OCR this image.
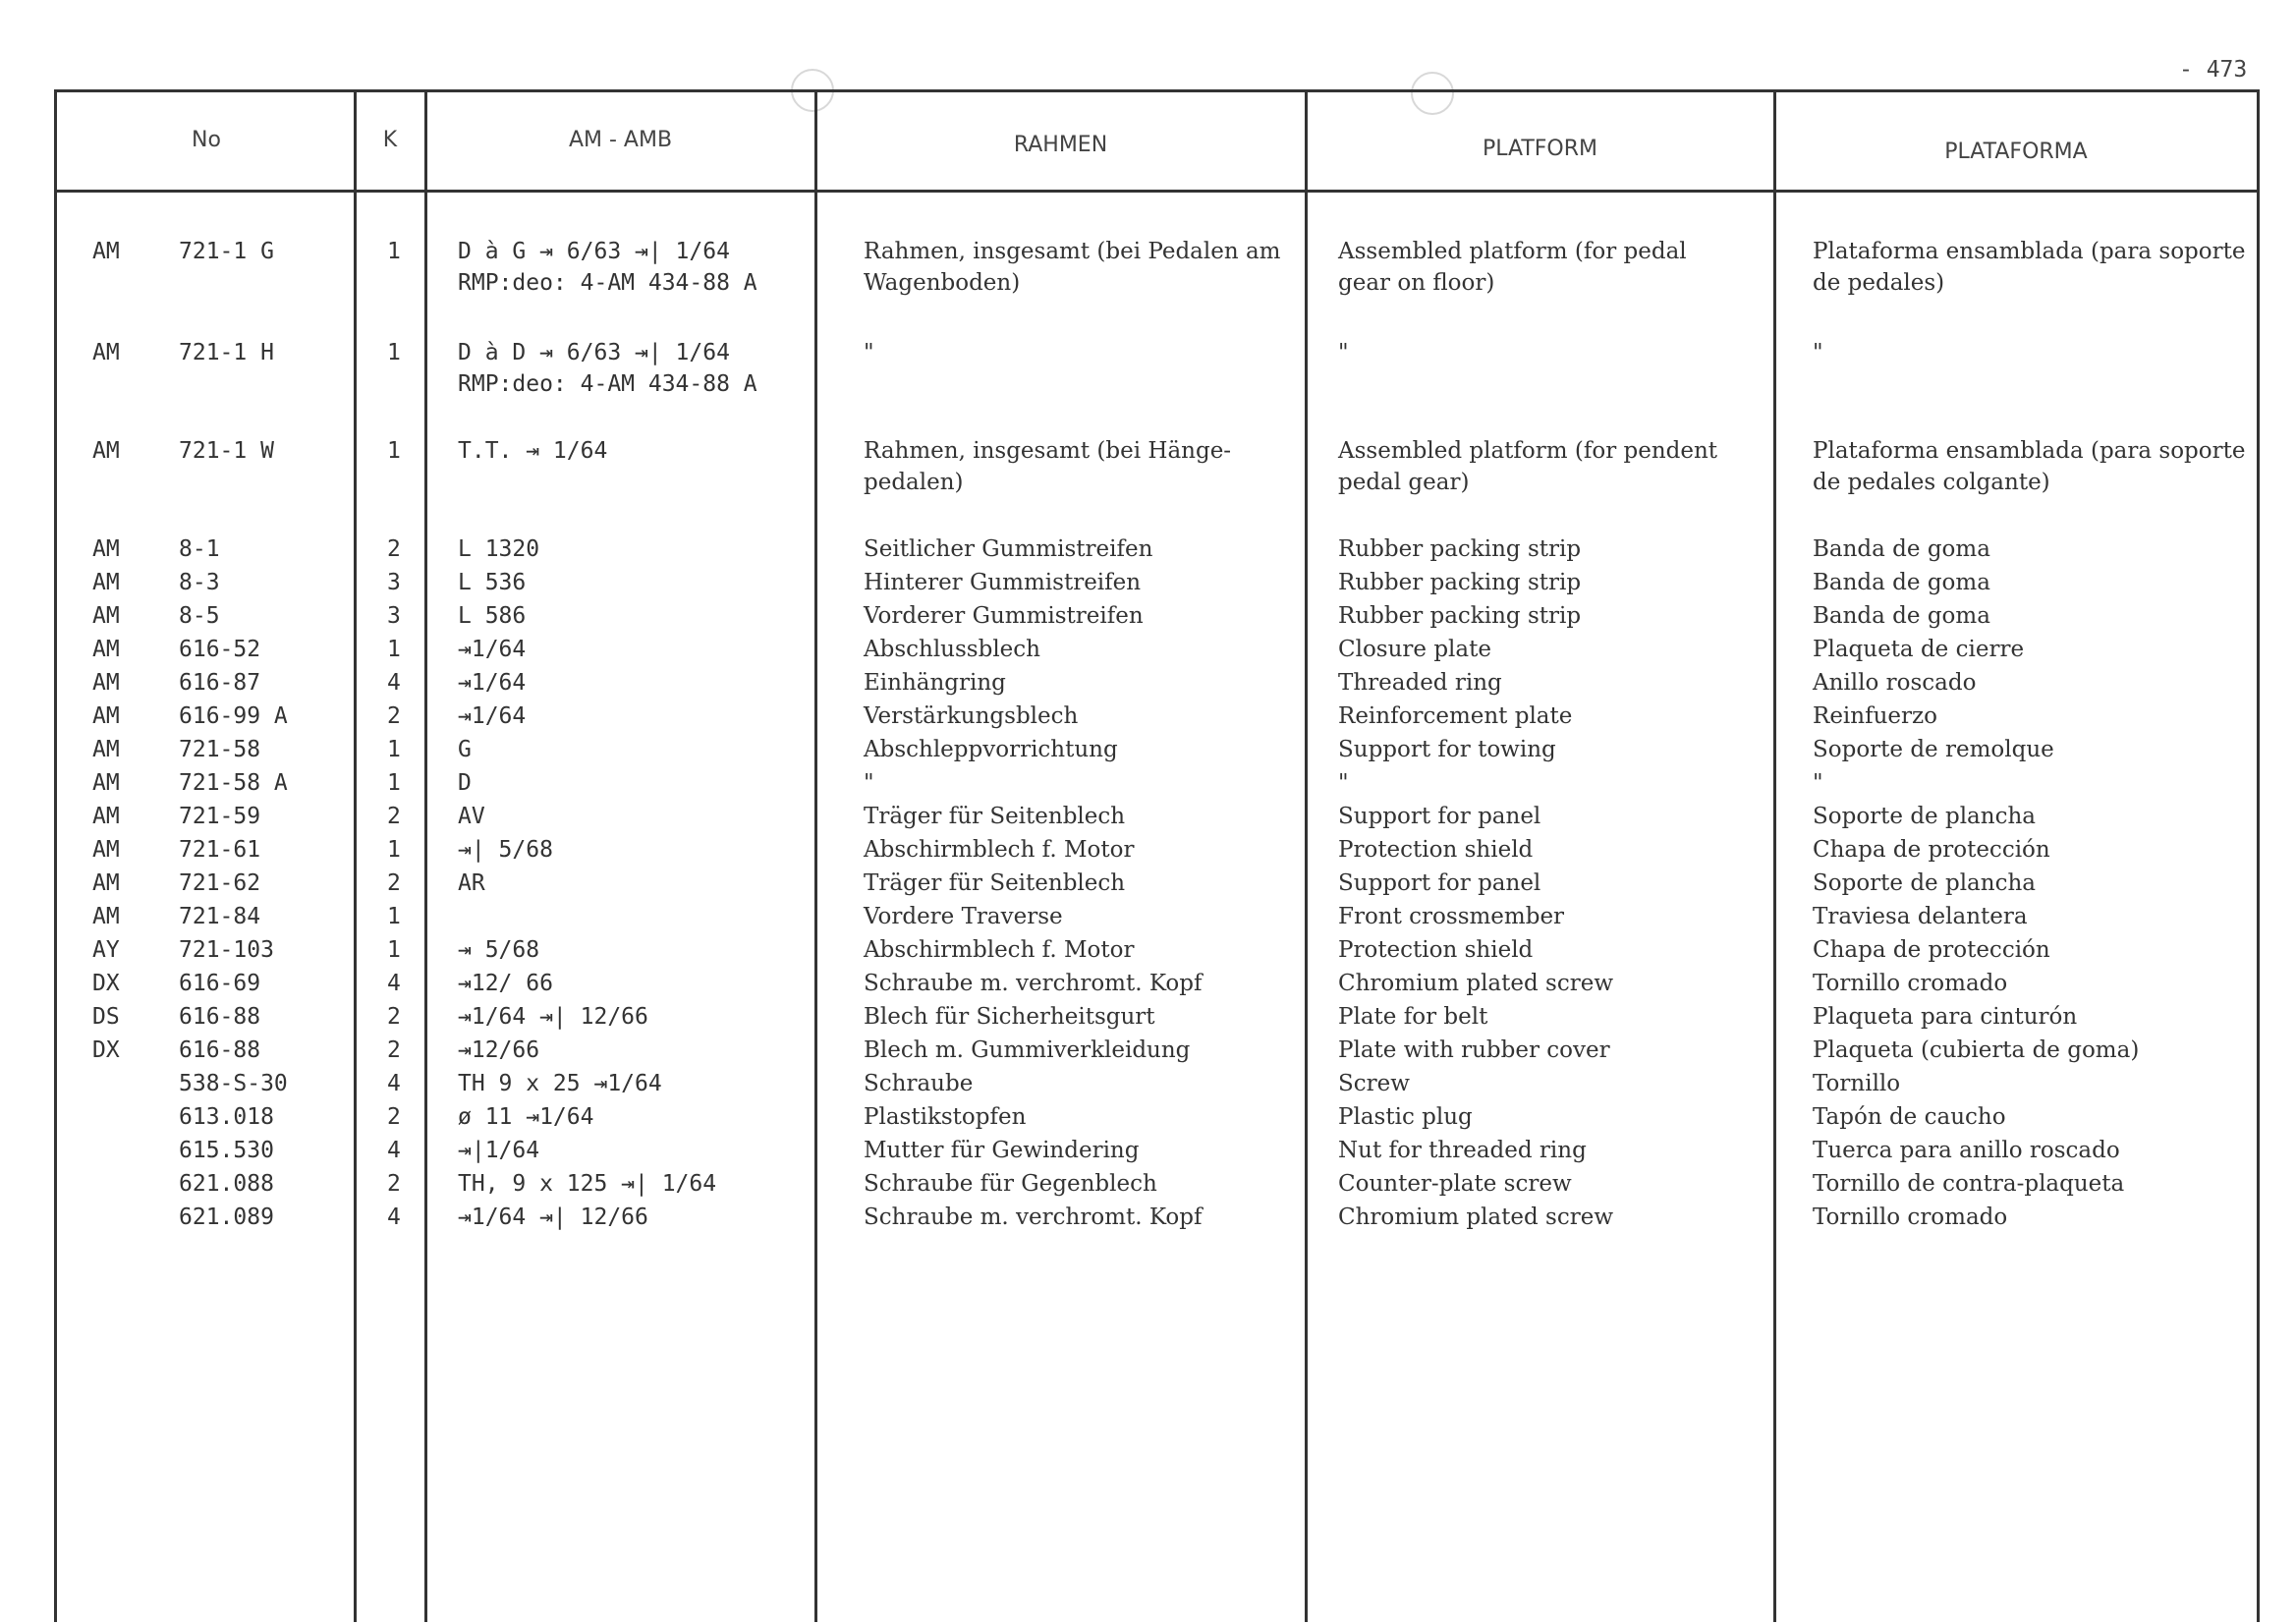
- 473
No	K	AM - AMB	RAHMEN	PLATFORM	PLATAFORMA
AM	721-1 G	1	D à G ⇥ 6/63 ⇥| 1/64
RMP:deo: 4-AM 434-88 A
Rahmen, insgesamt (bei Pedalen am
Wagenboden)
Assembled platform (for pedal
gear on floor)
Plataforma ensamblada (para soporte
de pedales)
AM	721-1 H	1	D à D ⇥ 6/63 ⇥| 1/64
RMP:deo: 4-AM 434-88 A
"	"	"
AM	721-1 W	1	T.T. ⇥ 1/64	Rahmen, insgesamt (bei Hänge-
pedalen)
Assembled platform (for pendent
pedal gear)
Plataforma ensamblada (para soporte
de pedales colgante)
AM	8-1	2	L 1320	Seitlicher Gummistreifen	Rubber packing strip	Banda de goma
AM	8-3	3	L 536	Hinterer Gummistreifen	Rubber packing strip	Banda de goma
AM	8-5	3	L 586	Vorderer Gummistreifen	Rubber packing strip	Banda de goma
AM	616-52	1	⇥1/64	Abschlussblech	Closure plate	Plaqueta de cierre
AM	616-87	4	⇥1/64	Einhängring	Threaded ring	Anillo roscado
AM	616-99 A	2	⇥1/64	Verstärkungsblech	Reinforcement plate	Reinfuerzo
AM	721-58	1	G	Abschleppvorrichtung	Support for towing	Soporte de remolque
AM	721-58 A	1	D	"	"	"
AM	721-59	2	AV	Träger für Seitenblech	Support for panel	Soporte de plancha
AM	721-61	1	⇥| 5/68	Abschirmblech f. Motor	Protection shield	Chapa de protección
AM	721-62	2	AR	Träger für Seitenblech	Support for panel	Soporte de plancha
AM	721-84	1	Vordere Traverse	Front crossmember	Traviesa delantera
AY	721-103	1	⇥ 5/68	Abschirmblech f. Motor	Protection shield	Chapa de protección
DX	616-69	4	⇥12/ 66	Schraube m. verchromt. Kopf	Chromium plated screw	Tornillo cromado
DS	616-88	2	⇥1/64 ⇥| 12/66	Blech für Sicherheitsgurt	Plate for belt	Plaqueta para cinturón
DX	616-88	2	⇥12/66	Blech m. Gummiverkleidung	Plate with rubber cover	Plaqueta (cubierta de goma)
538-S-30	4	TH 9 x 25 ⇥1/64	Schraube	Screw	Tornillo
613.018	2	ø 11 ⇥1/64	Plastikstopfen	Plastic plug	Tapón de caucho
615.530	4	⇥|1/64	Mutter für Gewindering	Nut for threaded ring	Tuerca para anillo roscado
621.088	2	TH, 9 x 125 ⇥| 1/64	Schraube für Gegenblech	Counter-plate screw	Tornillo de contra-plaqueta
621.089	4	⇥1/64 ⇥| 12/66	Schraube m. verchromt. Kopf	Chromium plated screw	Tornillo cromado
